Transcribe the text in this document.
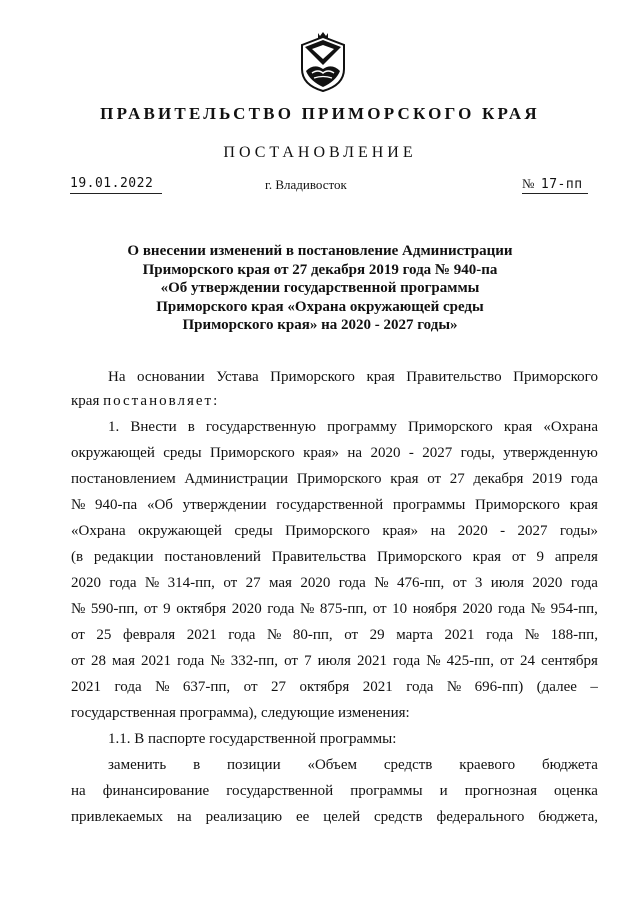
ПРАВИТЕЛЬСТВО ПРИМОРСКОГО КРАЯ
ПОСТАНОВЛЕНИЕ
19.01.2022	г. Владивосток	№ 17-пп
О внесении изменений в постановление Администрации
Приморского края от 27 декабря 2019 года № 940-па
«Об утверждении государственной программы
Приморского края «Охрана окружающей среды
Приморского края» на 2020 - 2027 годы»
На основании Устава Приморского края Правительство Приморского
края постановляет:
1. Внести в государственную программу Приморского края «Охрана
окружающей среды Приморского края» на 2020 - 2027 годы, утвержденную
постановлением Администрации Приморского края от 27 декабря 2019 года
№ 940-па «Об утверждении государственной программы Приморского края
«Охрана окружающей среды Приморского края» на 2020 - 2027 годы»
(в редакции постановлений Правительства Приморского края от 9 апреля
2020 года № 314-пп, от 27 мая 2020 года № 476-пп, от 3 июля 2020 года
№ 590-пп, от 9 октября 2020 года № 875-пп, от 10 ноября 2020 года № 954-пп,
от 25 февраля 2021 года № 80-пп, от 29 марта 2021 года № 188-пп,
от 28 мая 2021 года № 332-пп, от 7 июля 2021 года № 425-пп, от 24 сентября
2021 года № 637-пп, от 27 октября 2021 года № 696-пп) (далее –
государственная программа), следующие изменения:
1.1. В паспорте государственной программы:
заменить в позиции «Объем средств краевого бюджета
на финансирование государственной программы и прогнозная оценка
привлекаемых на реализацию ее целей средств федерального бюджета,
